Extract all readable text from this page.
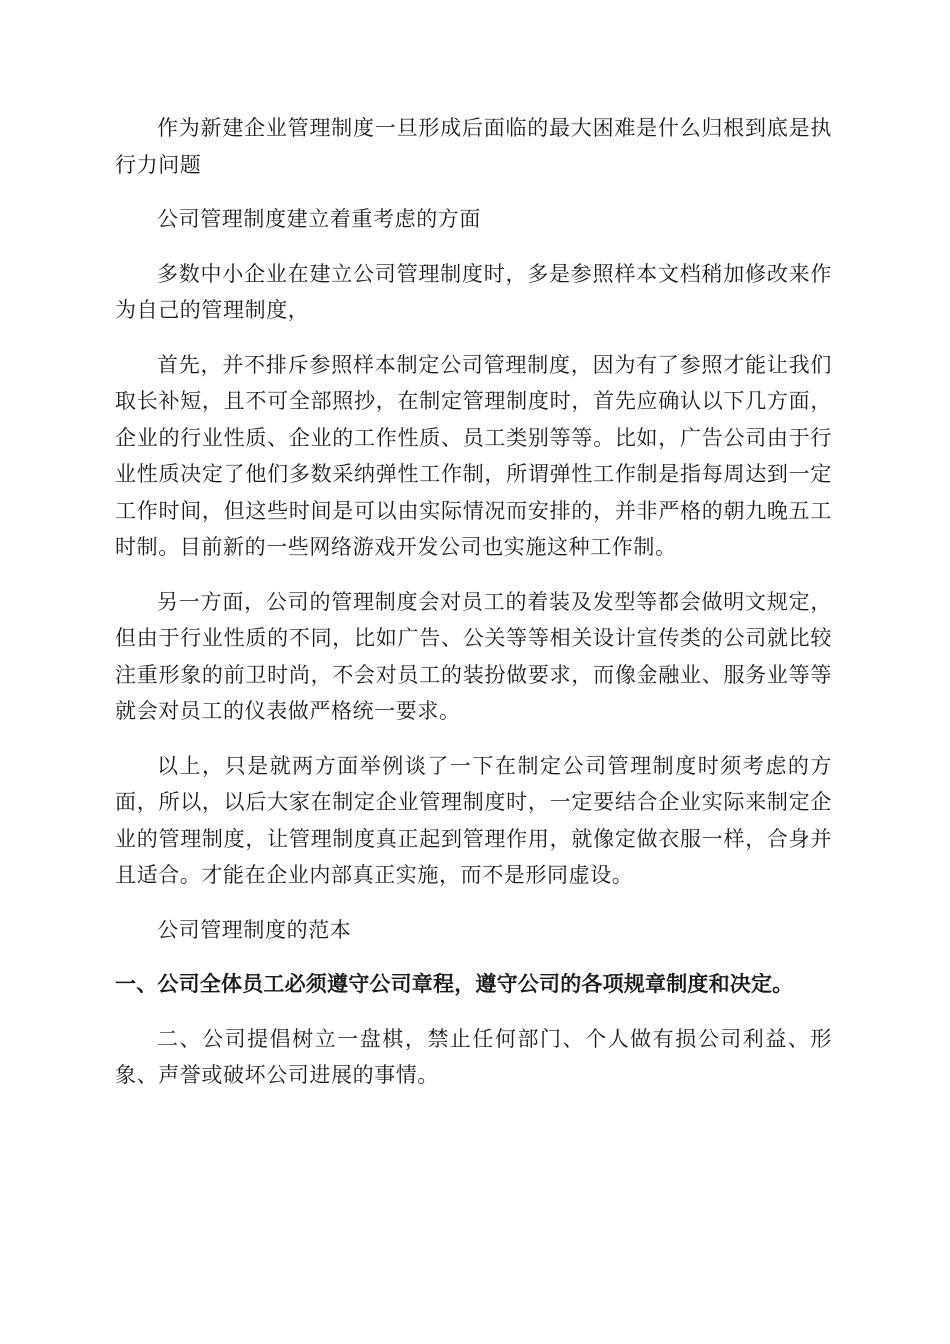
作为新建企业管理制度一旦形成后面临的最大困难是什么归根到底是执行力问题

公司管理制度建立着重考虑的方面

多数中小企业在建立公司管理制度时，多是参照样本文档稍加修改来作为自己的管理制度，

首先，并不排斥参照样本制定公司管理制度，因为有了参照才能让我们取长补短，且不可全部照抄，在制定管理制度时，首先应确认以下几方面，企业的行业性质、企业的工作性质、员工类别等等。比如，广告公司由于行业性质决定了他们多数采纳弹性工作制，所谓弹性工作制是指每周达到一定工作时间，但这些时间是可以由实际情况而安排的，并非严格的朝九晚五工时制。目前新的一些网络游戏开发公司也实施这种工作制。

另一方面，公司的管理制度会对员工的着装及发型等都会做明文规定，但由于行业性质的不同，比如广告、公关等等相关设计宣传类的公司就比较注重形象的前卫时尚，不会对员工的装扮做要求，而像金融业、服务业等等就会对员工的仪表做严格统一要求。

以上，只是就两方面举例谈了一下在制定公司管理制度时须考虑的方面，所以，以后大家在制定企业管理制度时，一定要结合企业实际来制定企业的管理制度，让管理制度真正起到管理作用，就像定做衣服一样，合身并且适合。才能在企业内部真正实施，而不是形同虚设。

公司管理制度的范本

一、公司全体员工必须遵守公司章程，遵守公司的各项规章制度和决定。

二、公司提倡树立一盘棋，禁止任何部门、个人做有损公司利益、形象、声誉或破坏公司进展的事情。
